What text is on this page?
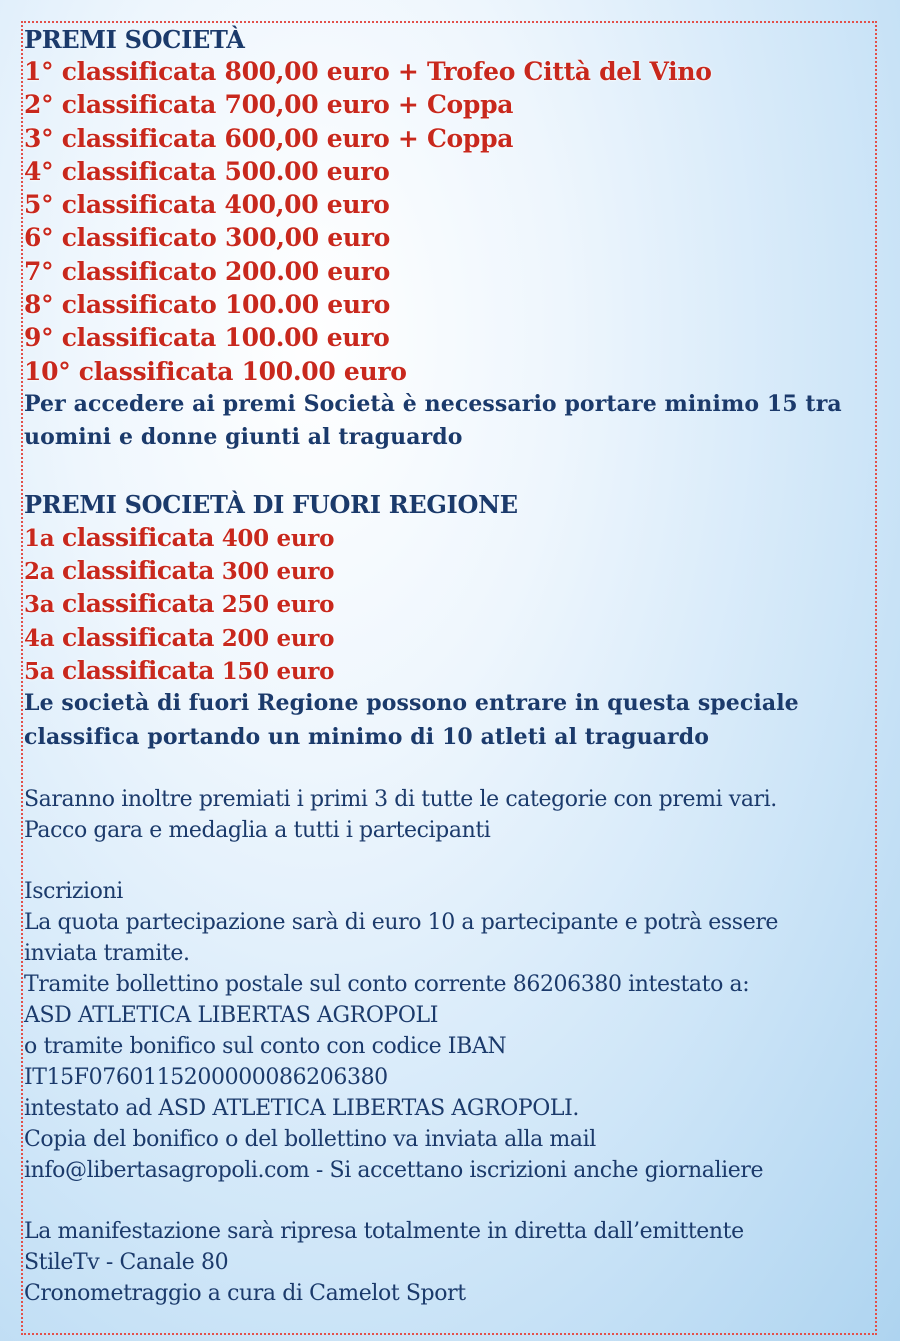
PREMI SOCIETÀ
1° classificata 800,00 euro + Trofeo Città del Vino
2° classificata 700,00 euro + Coppa
3° classificata 600,00 euro + Coppa
4° classificata 500.00 euro
5° classificata 400,00 euro
6° classificato 300,00 euro
7° classificato 200.00 euro
8° classificato 100.00 euro
9° classificata 100.00 euro
10° classificata 100.00 euro
Per accedere ai premi Società è necessario portare minimo 15 tra
uomini e donne giunti al traguardo
PREMI SOCIETÀ DI FUORI REGIONE
1a classificata 400 euro
2a classificata 300 euro
3a classificata 250 euro
4a classificata 200 euro
5a classificata 150 euro
Le società di fuori Regione possono entrare in questa speciale
classifica portando un minimo di 10 atleti al traguardo
Saranno inoltre premiati i primi 3 di tutte le categorie con premi vari.
Pacco gara e medaglia a tutti i partecipanti
Iscrizioni
La quota partecipazione sarà di euro 10 a partecipante e potrà essere
inviata tramite.
Tramite bollettino postale sul conto corrente 86206380 intestato a:
ASD ATLETICA LIBERTAS AGROPOLI
o tramite bonifico sul conto con codice IBAN
IT15F0760115200000086206380
intestato ad ASD ATLETICA LIBERTAS AGROPOLI.
Copia del bonifico o del bollettino va inviata alla mail
info@libertasagropoli.com - Si accettano iscrizioni anche giornaliere
La manifestazione sarà ripresa totalmente in diretta dall’emittente
StileTv - Canale 80
Cronometraggio a cura di Camelot Sport
